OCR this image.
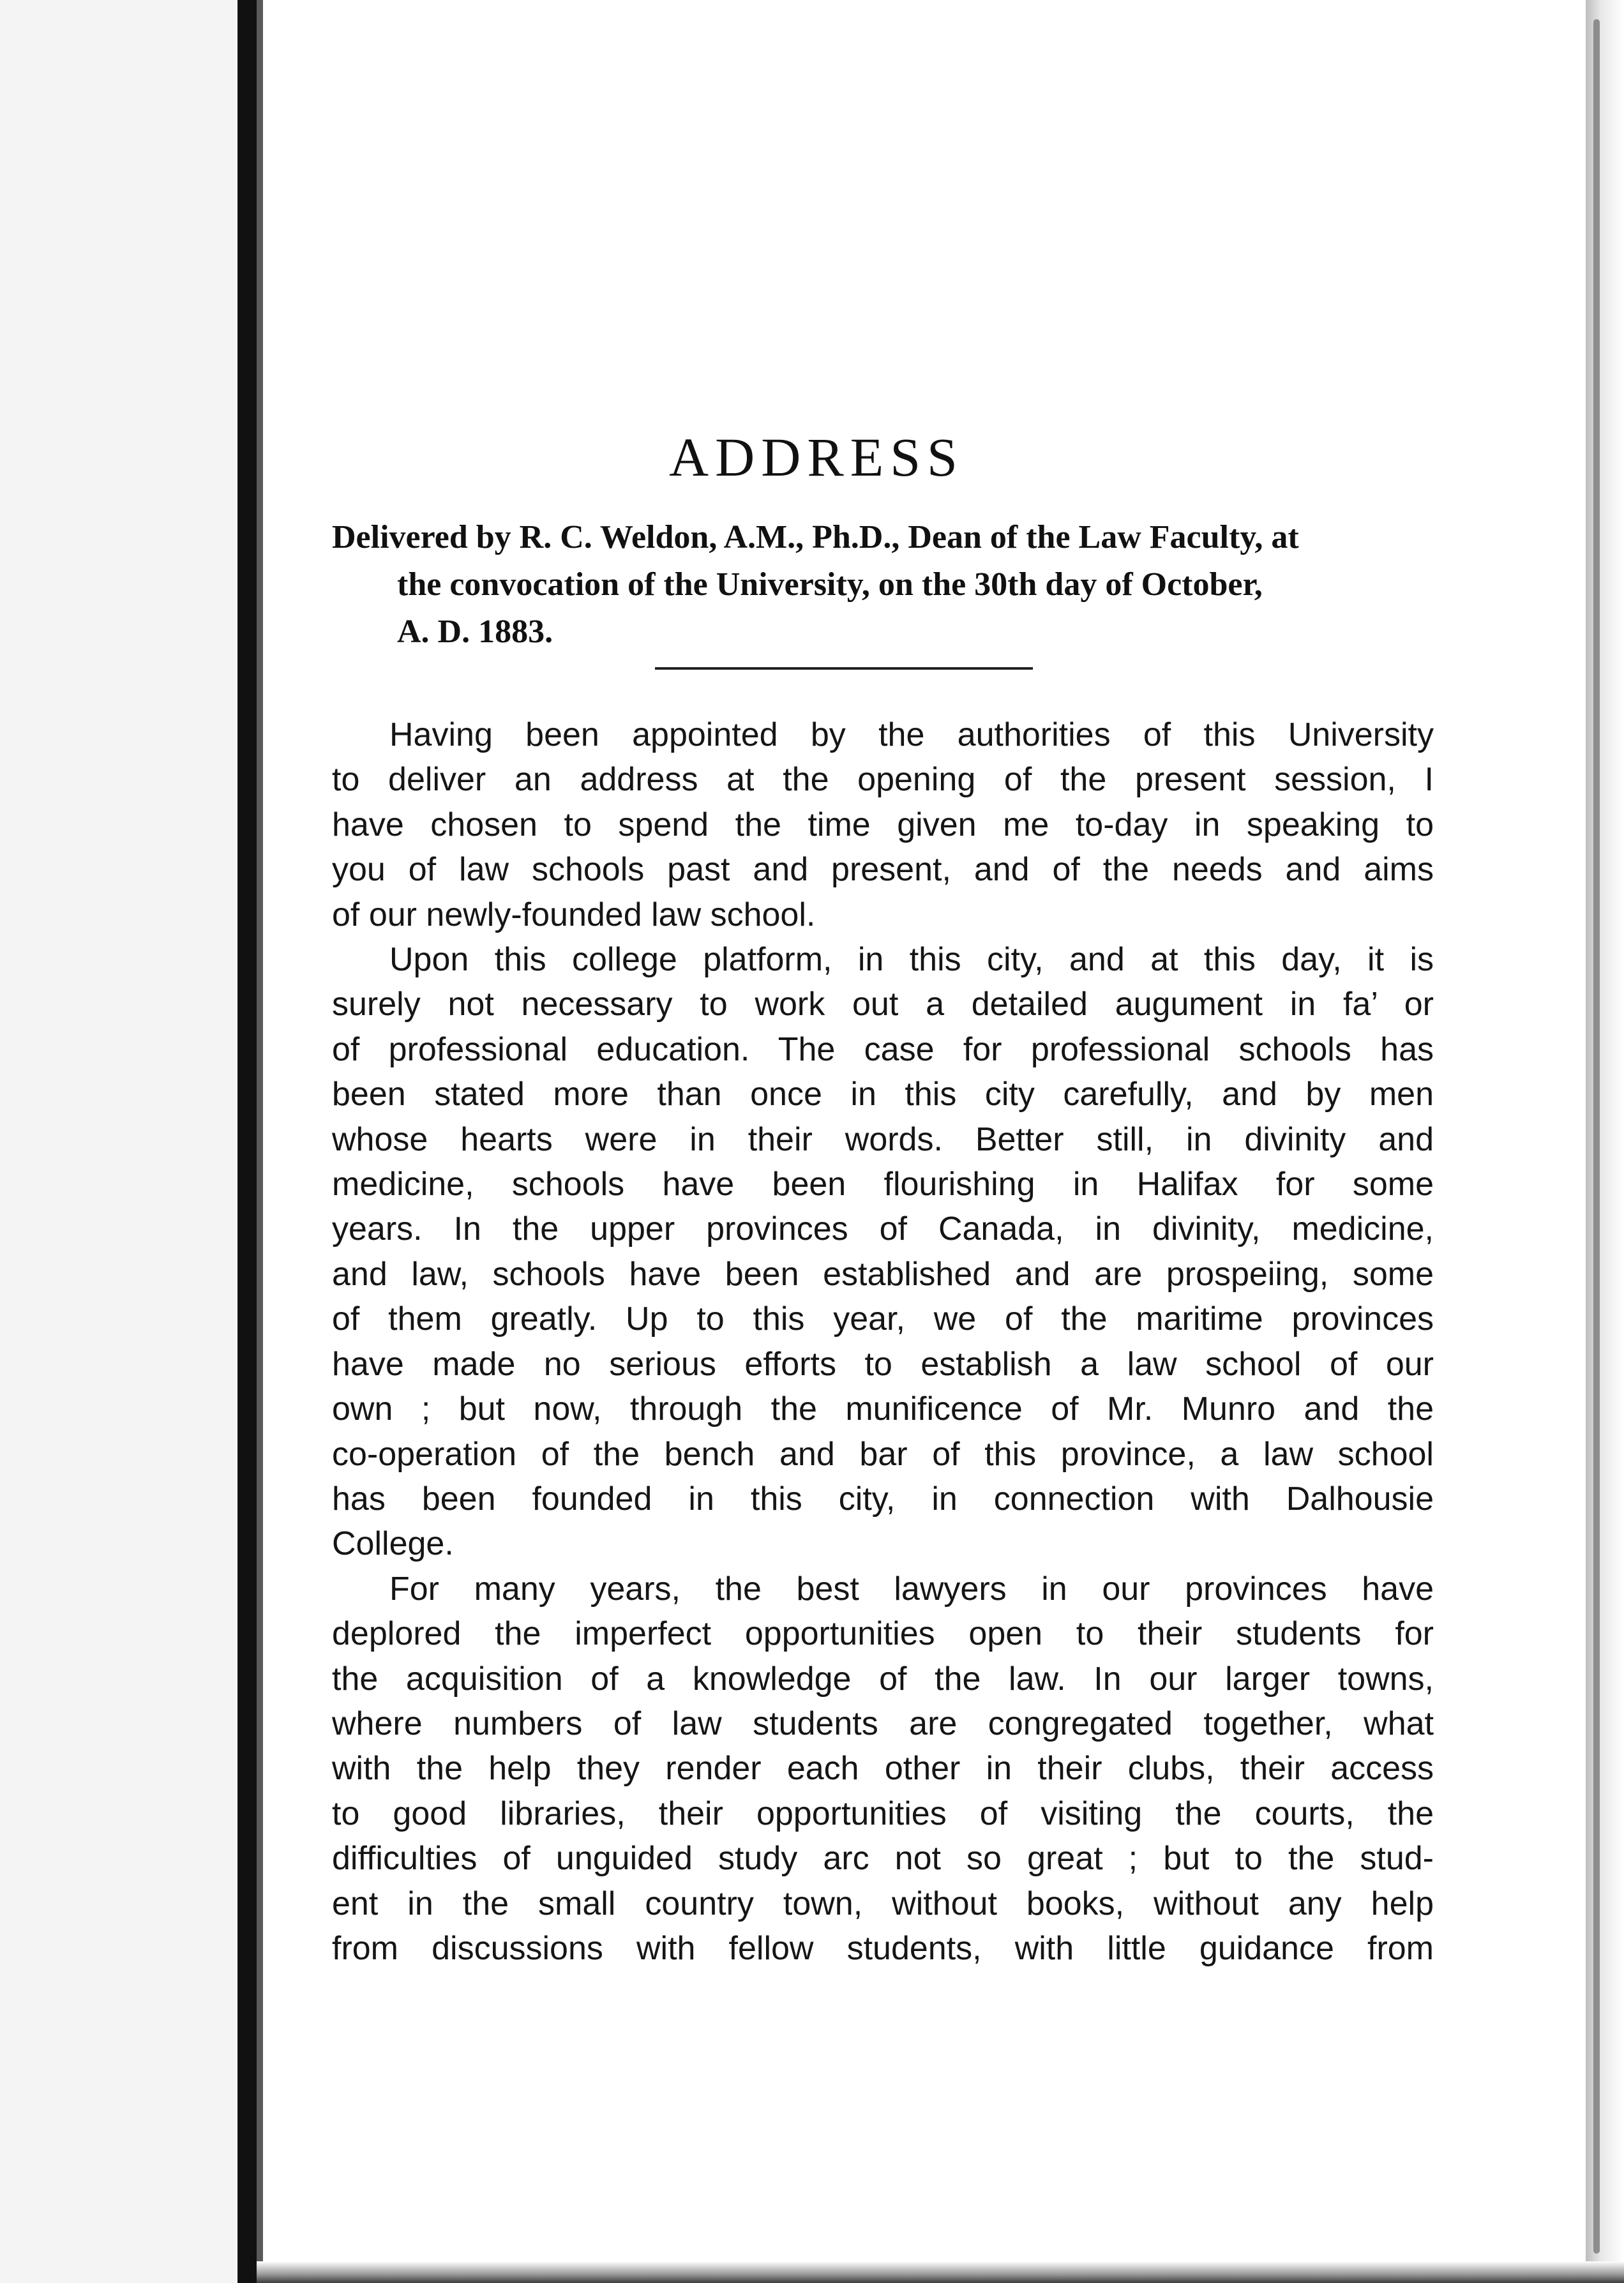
ADDRESS
Delivered by R. C. Weldon, A.M., Ph.D., Dean of the Law Faculty, at
the convocation of the University, on the 30th day of October,
A. D. 1883.
Having been appointed by the authorities of this University
to deliver an address at the opening of the present session, I
have chosen to spend the time given me to-day in speaking to
you of law schools past and present, and of the needs and aims
of our newly-founded law school.
Upon this college platform, in this city, and at this day, it is
surely not necessary to work out a detailed augument in fa’ or
of professional education. The case for professional schools has
been stated more than once in this city carefully, and by men
whose hearts were in their words. Better still, in divinity and
medicine, schools have been flourishing in Halifax for some
years. In the upper provinces of Canada, in divinity, medicine,
and law, schools have been established and are prospeiing, some
of them greatly. Up to this year, we of the maritime provinces
have made no serious efforts to establish a law school of our
own ; but now, through the munificence of Mr. Munro and the
co-operation of the bench and bar of this province, a law school
has been founded in this city, in connection with Dalhousie
College.
For many years, the best lawyers in our provinces have
deplored the imperfect opportunities open to their students for
the acquisition of a knowledge of the law. In our larger towns,
where numbers of law students are congregated together, what
with the help they render each other in their clubs, their access
to good libraries, their opportunities of visiting the courts, the
difficulties of unguided study arc not so great ; but to the stud-
ent in the small country town, without books, without any help
from discussions with fellow students, with little guidance from
